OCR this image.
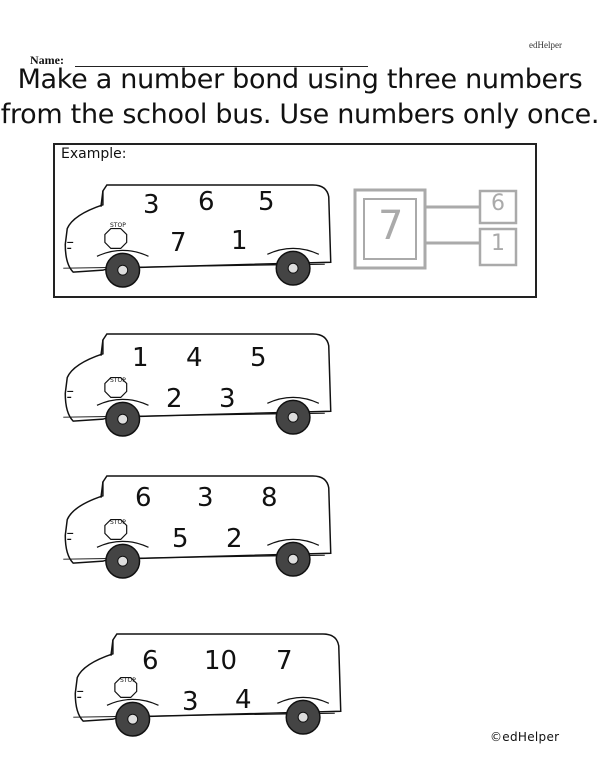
edHelper
Name:
Make a number bond using three numbers
from the school bus. Use numbers only once.
Example:
STOP
3 6 5
7 1	7	6
1
STOP
1 4 5
2 3
STOP
6 3 8
5 2
STOP
6 10 7
3 4
©edHelper
